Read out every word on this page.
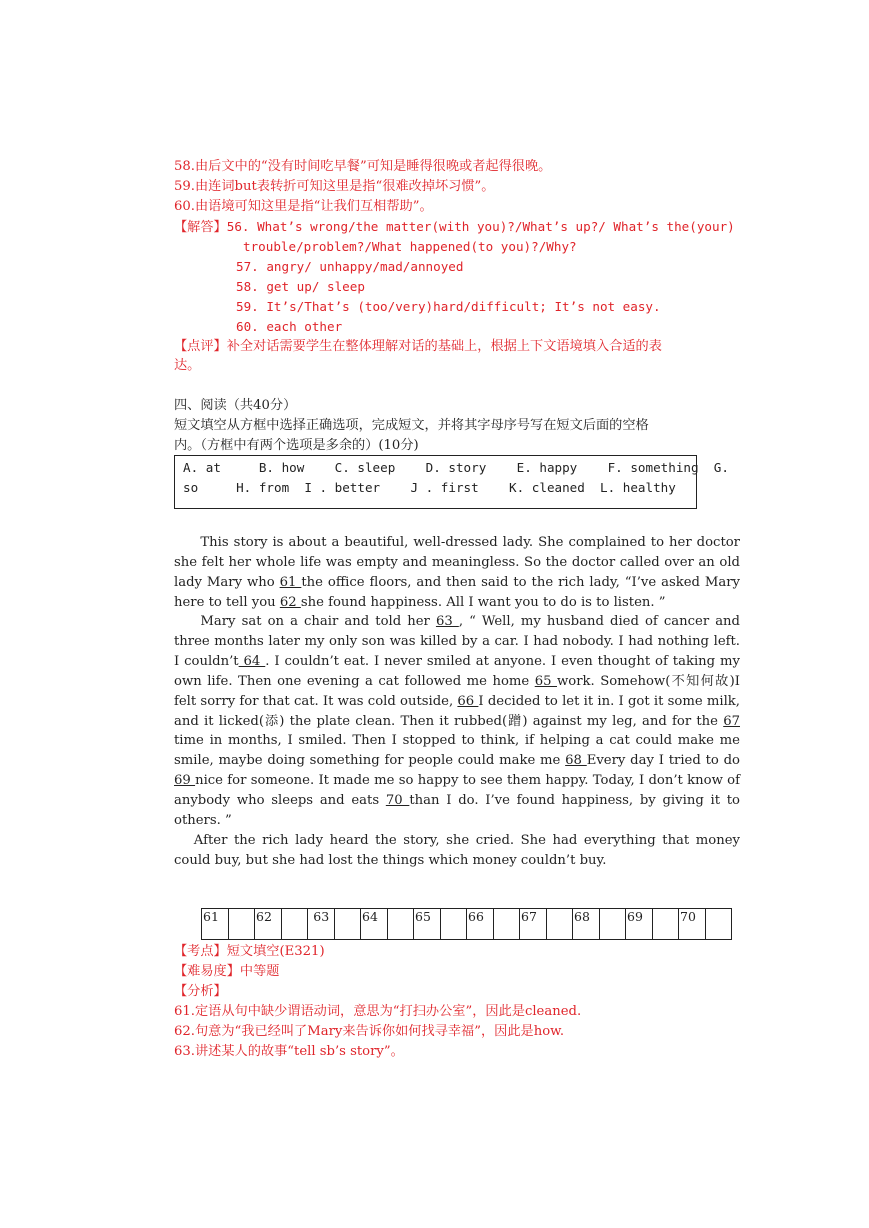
58.由后文中的“没有时间吃早餐”可知是睡得很晚或者起得很晚。
59.由连词but表转折可知这里是指“很难改掉坏习惯”。
60.由语境可知这里是指“让我们互相帮助”。
【解答】56. What’s wrong/the matter(with you)?/What’s up?/ What’s the(your)
trouble/problem?/What happened(to you)?/Why?
57. angry/ unhappy/mad/annoyed
58. get up/ sleep
59. It’s/That’s (too/very)hard/difficult; It’s not easy.
60. each other
【点评】补全对话需要学生在整体理解对话的基础上，根据上下文语境填入合适的表
达。
四、阅读（共40分）
短文填空从方框中选择正确选项，完成短文，并将其字母序号写在短文后面的空格
内。（方框中有两个选项是多余的）(10分)
A. at     B. how    C. sleep    D. story    E. happy    F. something  G.
so     H. from  I . better    J . first    K. cleaned  L. healthy

This story is about a beautiful, well-dressed lady. She complained to her doctor she felt her whole life was empty and meaningless. So the doctor called over an old lady Mary who 61 the office floors, and then said to the rich lady, “I’ve asked Mary here to tell you 62 she found happiness. All I want you to do is to listen. ”

Mary sat on a chair and told her 63 , “ Well, my husband died of cancer and three months later my only son was killed by a car. I had nobody. I had nothing left. I couldn’t 64 . I couldn’t eat. I never smiled at anyone. I even thought of taking my own life. Then one evening a cat followed me home 65 work. Somehow(不知何故)I felt sorry for that cat. It was cold outside, 66 I decided to let it in. I got it some milk, and it licked(添) the plate clean. Then it rubbed(蹭) against my leg, and for the 67 time in months, I smiled. Then I stopped to think, if helping a cat could make me smile, maybe doing something for people could make me 68 Every day I tried to do 69 nice for someone. It made me so happy to see them happy. Today, I don’t know of anybody who sleeps and eats 70 than I do. I’ve found happiness, by giving it to others. ”

After the rich lady heard the story, she cried. She had everything that money could buy, but she had lost the things which money couldn’t buy.

61		62		63		64		65		66		67		68		69		70	
【考点】短文填空(E321)
【难易度】中等题
【分析】
61.定语从句中缺少谓语动词，意思为“打扫办公室”，因此是cleaned.
62.句意为“我已经叫了Mary来告诉你如何找寻幸福”，因此是how.
63.讲述某人的故事“tell sb’s story”。
